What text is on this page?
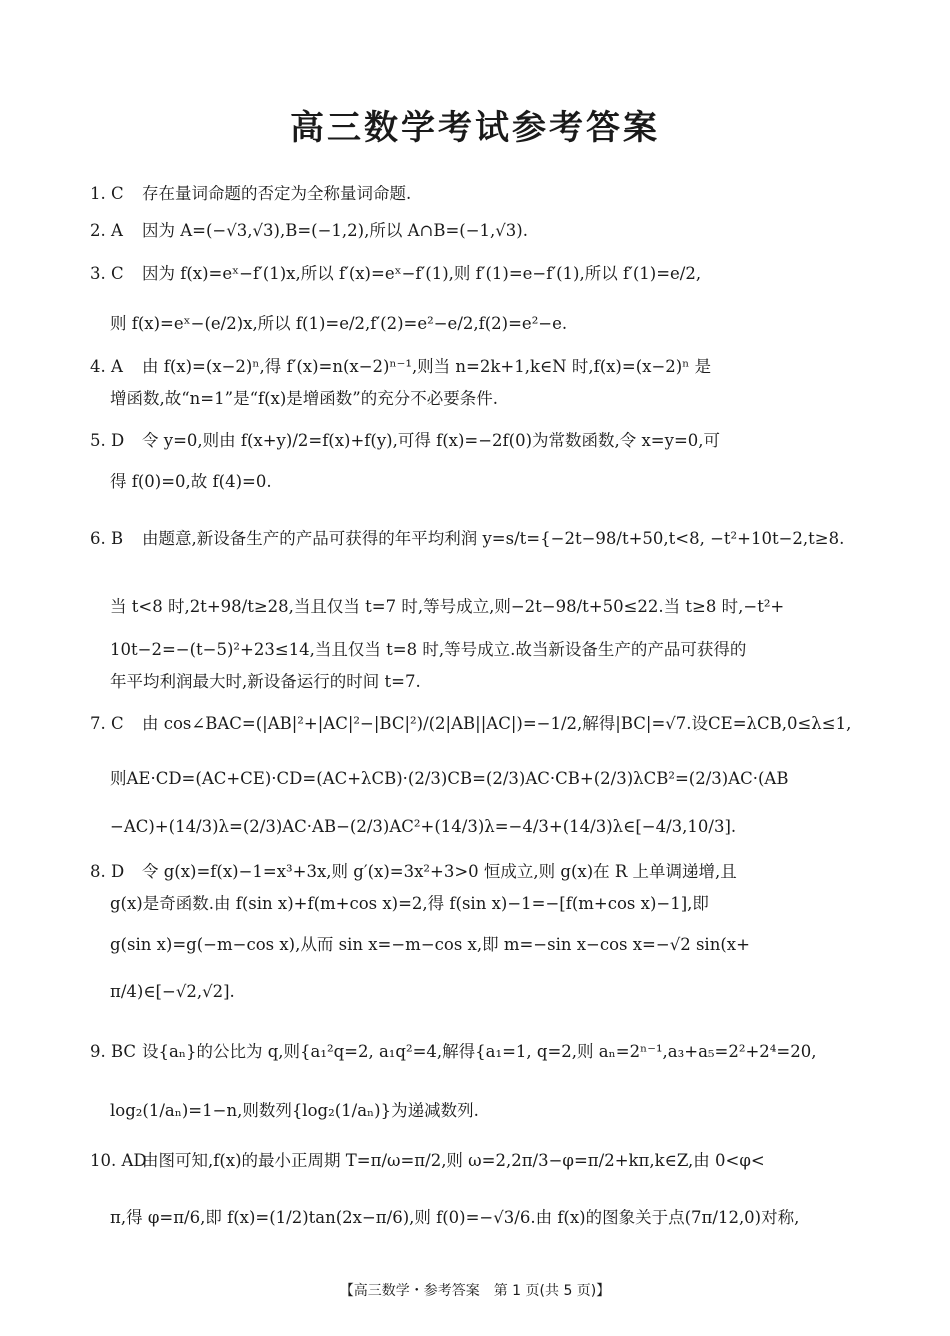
高三数学考试参考答案
1. C 存在量词命题的否定为全称量词命题.
2. A 因为 A=(−√3,√3),B=(−1,2),所以 A∩B=(−1,√3).
3. C 因为 f(x)=eˣ−f′(1)x,所以 f′(x)=eˣ−f′(1),则 f′(1)=e−f′(1),所以 f′(1)=e/2,
则 f(x)=eˣ−(e/2)x,所以 f(1)=e/2,f′(2)=e²−e/2,f(2)=e²−e.
4. A 由 f(x)=(x−2)ⁿ,得 f′(x)=n(x−2)ⁿ⁻¹,则当 n=2k+1,k∈N 时,f(x)=(x−2)ⁿ 是
增函数,故“n=1”是“f(x)是增函数”的充分不必要条件.
5. D 令 y=0,则由 f(x+y)/2=f(x)+f(y),可得 f(x)=−2f(0)为常数函数,令 x=y=0,可
得 f(0)=0,故 f(4)=0.
6. B 由题意,新设备生产的产品可获得的年平均利润 y=s/t={−2t−98/t+50,t<8, −t²+10t−2,t≥8.
当 t<8 时,2t+98/t≥28,当且仅当 t=7 时,等号成立,则−2t−98/t+50≤22.当 t≥8 时,−t²+
10t−2=−(t−5)²+23≤14,当且仅当 t=8 时,等号成立.故当新设备生产的产品可获得的
年平均利润最大时,新设备运行的时间 t=7.
7. C 由 cos∠BAC=(|AB|²+|AC|²−|BC|²)/(2|AB||AC|)=−1/2,解得|BC|=√7.设CE=λCB,0≤λ≤1,
则AE·CD=(AC+CE)·CD=(AC+λCB)·(2/3)CB=(2/3)AC·CB+(2/3)λCB²=(2/3)AC·(AB
−AC)+(14/3)λ=(2/3)AC·AB−(2/3)AC²+(14/3)λ=−4/3+(14/3)λ∈[−4/3,10/3].
8. D 令 g(x)=f(x)−1=x³+3x,则 g′(x)=3x²+3>0 恒成立,则 g(x)在 R 上单调递增,且
g(x)是奇函数.由 f(sin x)+f(m+cos x)=2,得 f(sin x)−1=−[f(m+cos x)−1],即
g(sin x)=g(−m−cos x),从而 sin x=−m−cos x,即 m=−sin x−cos x=−√2 sin(x+
π/4)∈[−√2,√2].
9. BC 设{aₙ}的公比为 q,则{a₁²q=2, a₁q²=4,解得{a₁=1, q=2,则 aₙ=2ⁿ⁻¹,a₃+a₅=2²+2⁴=20,
log₂(1/aₙ)=1−n,则数列{log₂(1/aₙ)}为递减数列.
10. AD由图可知,f(x)的最小正周期 T=π/ω=π/2,则 ω=2,2π/3−φ=π/2+kπ,k∈Z,由 0<φ<
π,得 φ=π/6,即 f(x)=(1/2)tan(2x−π/6),则 f(0)=−√3/6.由 f(x)的图象关于点(7π/12,0)对称,
【高三数学・参考答案　第 1 页(共 5 页)】
